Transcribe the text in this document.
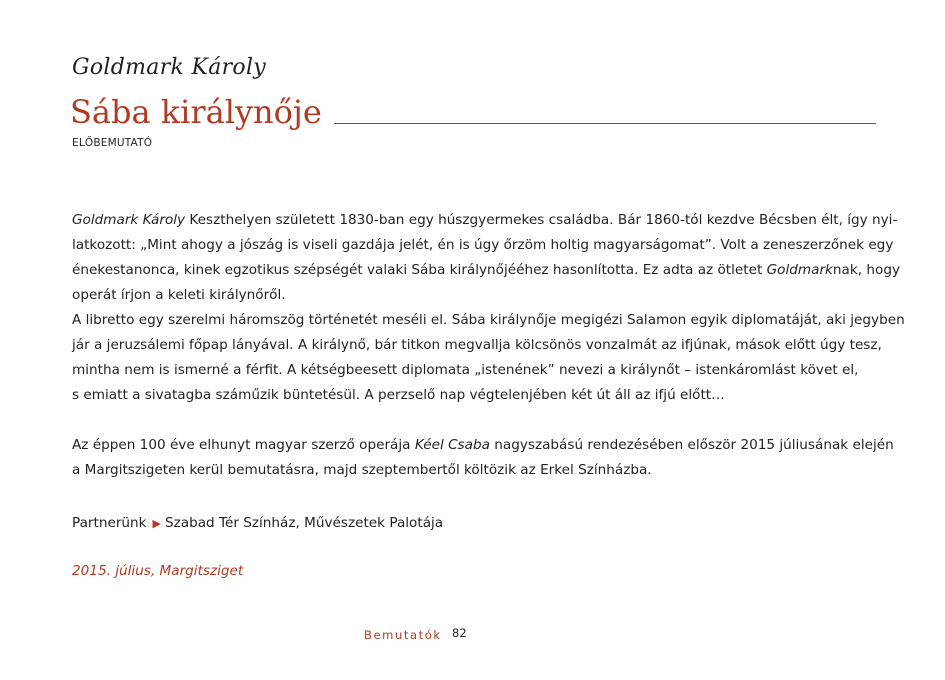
Goldmark Károly
Sába királynője
ELŐBEMUTATÓ

Goldmark Károly Keszthelyen született 1830-ban egy húszgyermekes családba. Bár 1860-tól kezdve Bécsben élt, így nyi-
latkozott: „Mint ahogy a jószág is viseli gazdája jelét, én is úgy őrzöm holtig magyarságomat”. Volt a zeneszerzőnek egy
énekestanonca, kinek egzotikus szépségét valaki Sába királynőjééhez hasonlította. Ez adta az ötletet Goldmarknak, hogy
operát írjon a keleti királynőről.

A libretto egy szerelmi háromszög történetét meséli el. Sába királynője megigézi Salamon egyik diplomatáját, aki jegyben
jár a jeruzsálemi főpap lányával. A királynő, bár titkon megvallja kölcsönös vonzalmát az ifjúnak, mások előtt úgy tesz,
mintha nem is ismerné a férfit. A kétségbeesett diplomata „istenének” nevezi a királynőt – istenkáromlást követ el,
s emiatt a sivatagba száműzik büntetésül. A perzselő nap végtelenjében két út áll az ifjú előtt…

Az éppen 100 éve elhunyt magyar szerző operája Kéel Csaba nagyszabású rendezésében először 2015 júliusának elején
a Margitszigeten kerül bemutatásra, majd szeptembertől költözik az Erkel Színházba.

Partnerünk ▶ Szabad Tér Színház, Művészetek Palotája
2015. július, Margitsziget
Bemutatók 82
